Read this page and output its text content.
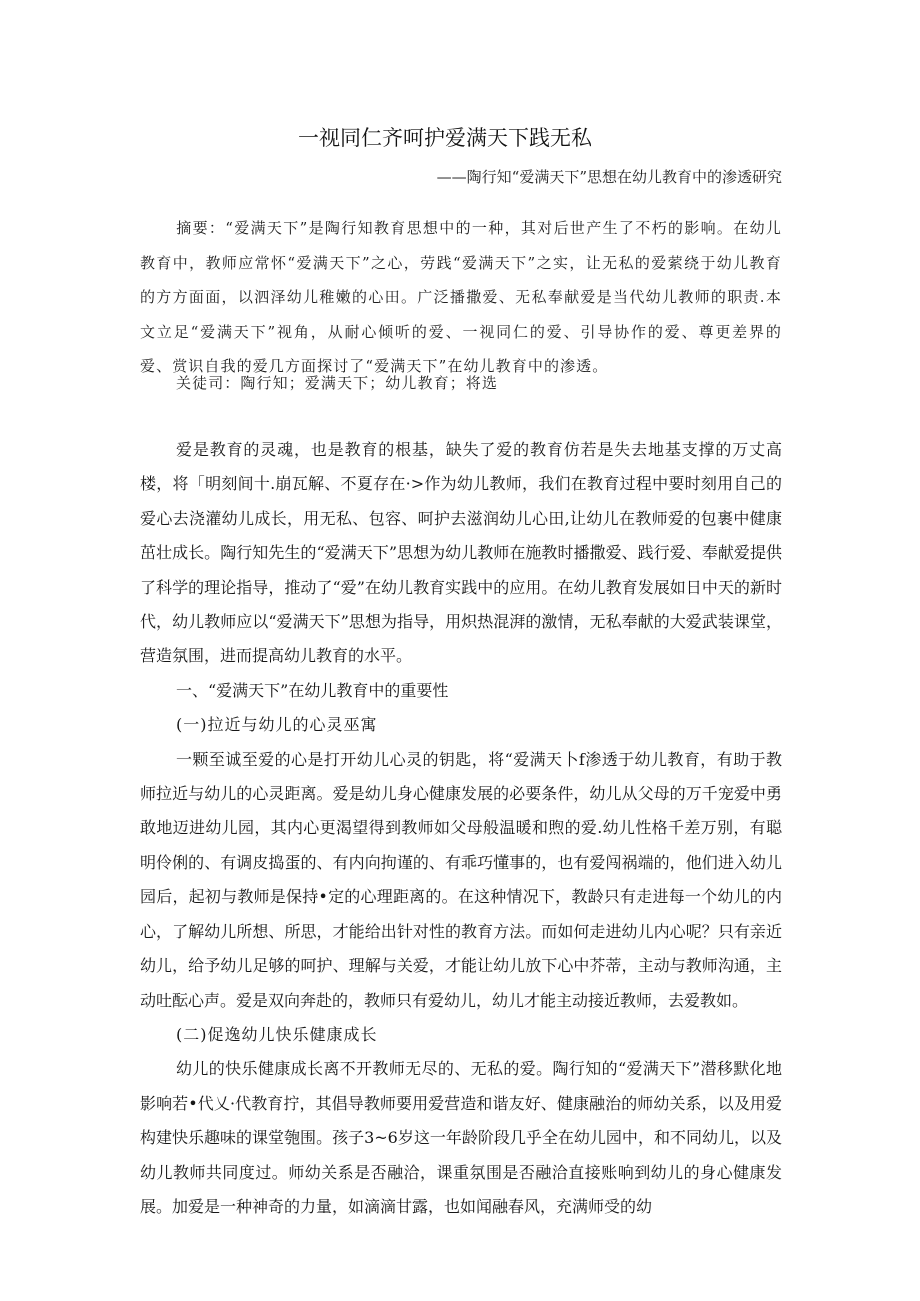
一视同仁齐呵护爱满天下践无私
——陶行知“爱满天下”思想在幼儿教育中的渗透研究
摘要：“爱满天下”是陶行知教育思想中的一种，其对后世产生了不朽的影响。在幼儿教育中，教师应常怀“爱满天下”之心，劳践“爱满天下”之实，让无私的爱萦绕于幼儿教育的方方面面，以泗泽幼儿稚嫩的心田。广泛播撒爱、无私奉献爱是当代幼儿教师的职责.本文立足“爱满天下”视角，从耐心倾听的爱、一视同仁的爱、引导协作的爱、尊更差界的爱、赏识自我的爱几方面探讨了“爱满天下”在幼儿教育中的渗透。
关徒司：陶行知；爱满天下；幼儿教育；将选

爱是教育的灵魂，也是教育的根基，缺失了爱的教育仿若是失去地基支撑的万丈高楼，将「明刻间十.崩瓦解、不夏存在·>作为幼儿教师，我们在教育过程中要时刻用自己的爱心去浇灌幼儿成长，用无私、包容、呵护去滋润幼儿心田,让幼儿在教师爱的包裹中健康茁壮成长。陶行知先生的“爱满天下”思想为幼儿教师在施教时播撒爱、践行爱、奉献爱提供了科学的理论指导，推动了“爱”在幼儿教育实践中的应用。在幼儿教育发展如日中天的新时代，幼儿教师应以“爱满天下”思想为指导，用炽热混湃的激情，无私奉献的大爱武装课堂，营造氛围，进而提高幼儿教育的水平。

一、“爱满天下”在幼儿教育中的重要性
(一)拉近与幼儿的心灵巫寓

一颗至诚至爱的心是打开幼儿心灵的钥匙，将“爱满天卜f渗透于幼儿教育，有助于教师拉近与幼儿的心灵距离。爱是幼儿身心健康发展的必要条件，幼儿从父母的万千宠爱中勇敢地迈进幼儿园，其内心更渴望得到教师如父母般温暖和煦的爱.幼儿性格千差万别，有聪明伶俐的、有调皮捣蛋的、有内向拘谨的、有乖巧懂事的，也有爱闯祸端的，他们进入幼儿园后，起初与教师是保持•定的心理距离的。在这种情况下，教龄只有走进每一个幼儿的内心，了解幼儿所想、所思，才能给出针对性的教育方法。而如何走进幼儿内心呢？只有亲近幼儿，给予幼儿足够的呵护、理解与关爱，才能让幼儿放下心中芥蒂，主动与教师沟通，主动吐酝心声。爱是双向奔赴的，教师只有爱幼儿，幼儿才能主动接近教师，去爱教如。

(二)促逸幼儿快乐健康成长

幼儿的快乐健康成长离不开教师无尽的、无私的爱。陶行知的“爱满天下”潜移默化地影响若•代乂·代教育拧，其倡导教师要用爱营造和谐友好、健康融治的师幼关系，以及用爱构建快乐趣味的课堂匏围。孩子3~6岁这一年龄阶段几乎全在幼儿园中，和不同幼儿，以及幼儿教师共同度过。师幼关系是否融洽，课重氛围是否融洽直接账响到幼儿的身心健康发展。加爱是一种神奇的力量，如滴滴甘露，也如闻融春风，充满师受的幼
